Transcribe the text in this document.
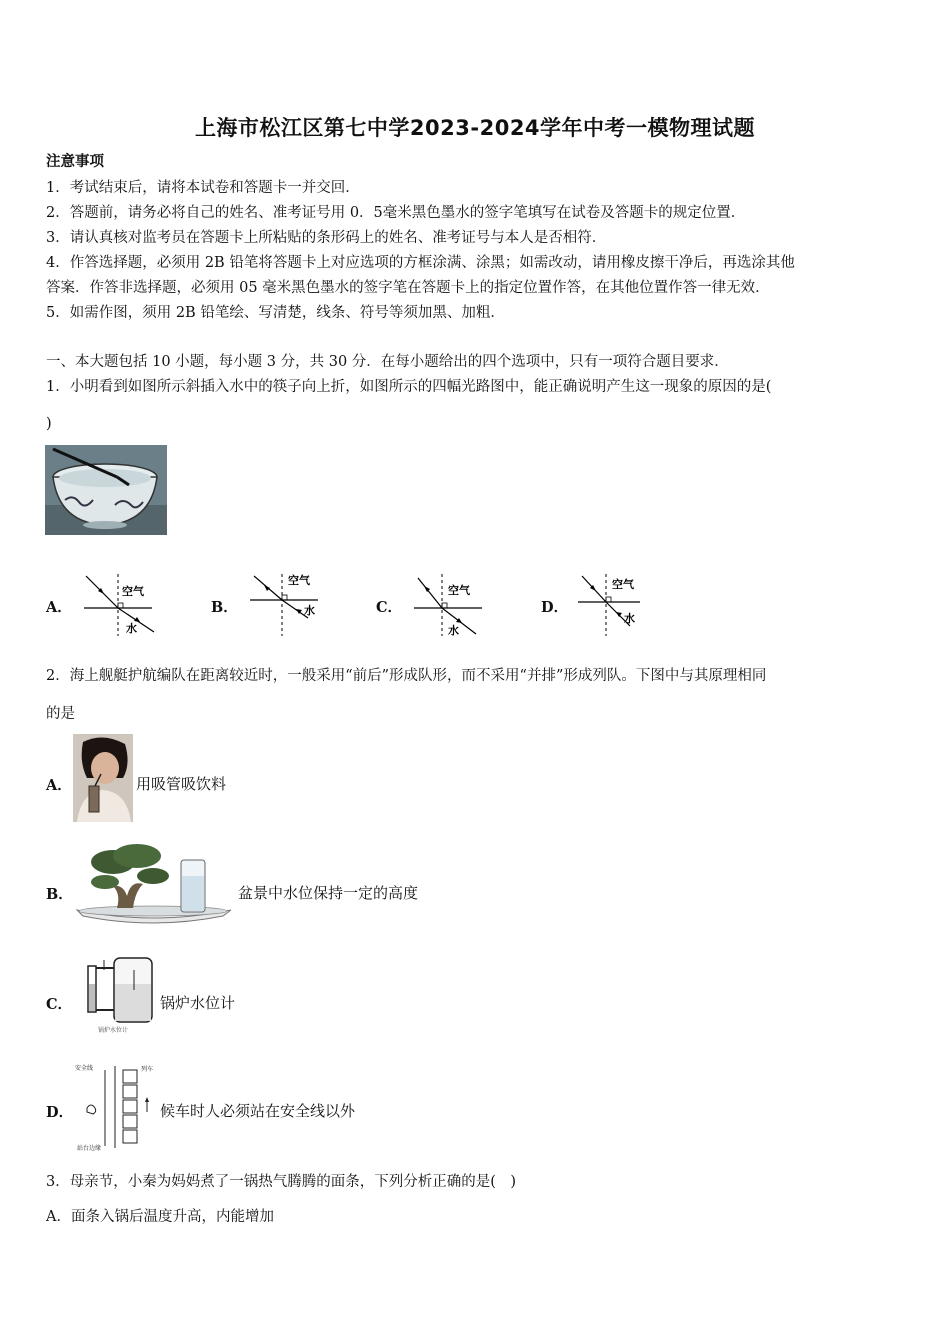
上海市松江区第七中学2023-2024学年中考一模物理试题
注意事项
1．考试结束后，请将本试卷和答题卡一并交回．
2．答题前，请务必将自己的姓名、准考证号用 0．5毫米黑色墨水的签字笔填写在试卷及答题卡的规定位置．
3．请认真核对监考员在答题卡上所粘贴的条形码上的姓名、准考证号与本人是否相符．
4．作答选择题，必须用 2B 铅笔将答题卡上对应选项的方框涂满、涂黑；如需改动，请用橡皮擦干净后，再选涂其他
答案．作答非选择题，必须用 05 毫米黑色墨水的签字笔在答题卡上的指定位置作答，在其他位置作答一律无效．
5．如需作图，须用 2B 铅笔绘、写清楚，线条、符号等须加黑、加粗．
一、本大题包括 10 小题，每小题 3 分，共 30 分．在每小题给出的四个选项中，只有一项符合题目要求．
1．小明看到如图所示斜插入水中的筷子向上折，如图所示的四幅光路图中，能正确说明产生这一现象的原因的是(
)
A．
空气
水
B．
空气
水	C．
空气
水
D．
空气
水
2．海上舰艇护航编队在距离较近时，一般采用“前后”形成队形，而不采用“并排”形成列队。下图中与其原理相同
的是
A．	用吸管吸饮料
B．	盆景中水位保持一定的高度
C．
锅炉水位计
锅炉水位计
D．
安全线	列车
站台边缘
候车时人必须站在安全线以外
3．母亲节，小秦为妈妈煮了一锅热气腾腾的面条，下列分析正确的是(　)
A．面条入锅后温度升高，内能增加
